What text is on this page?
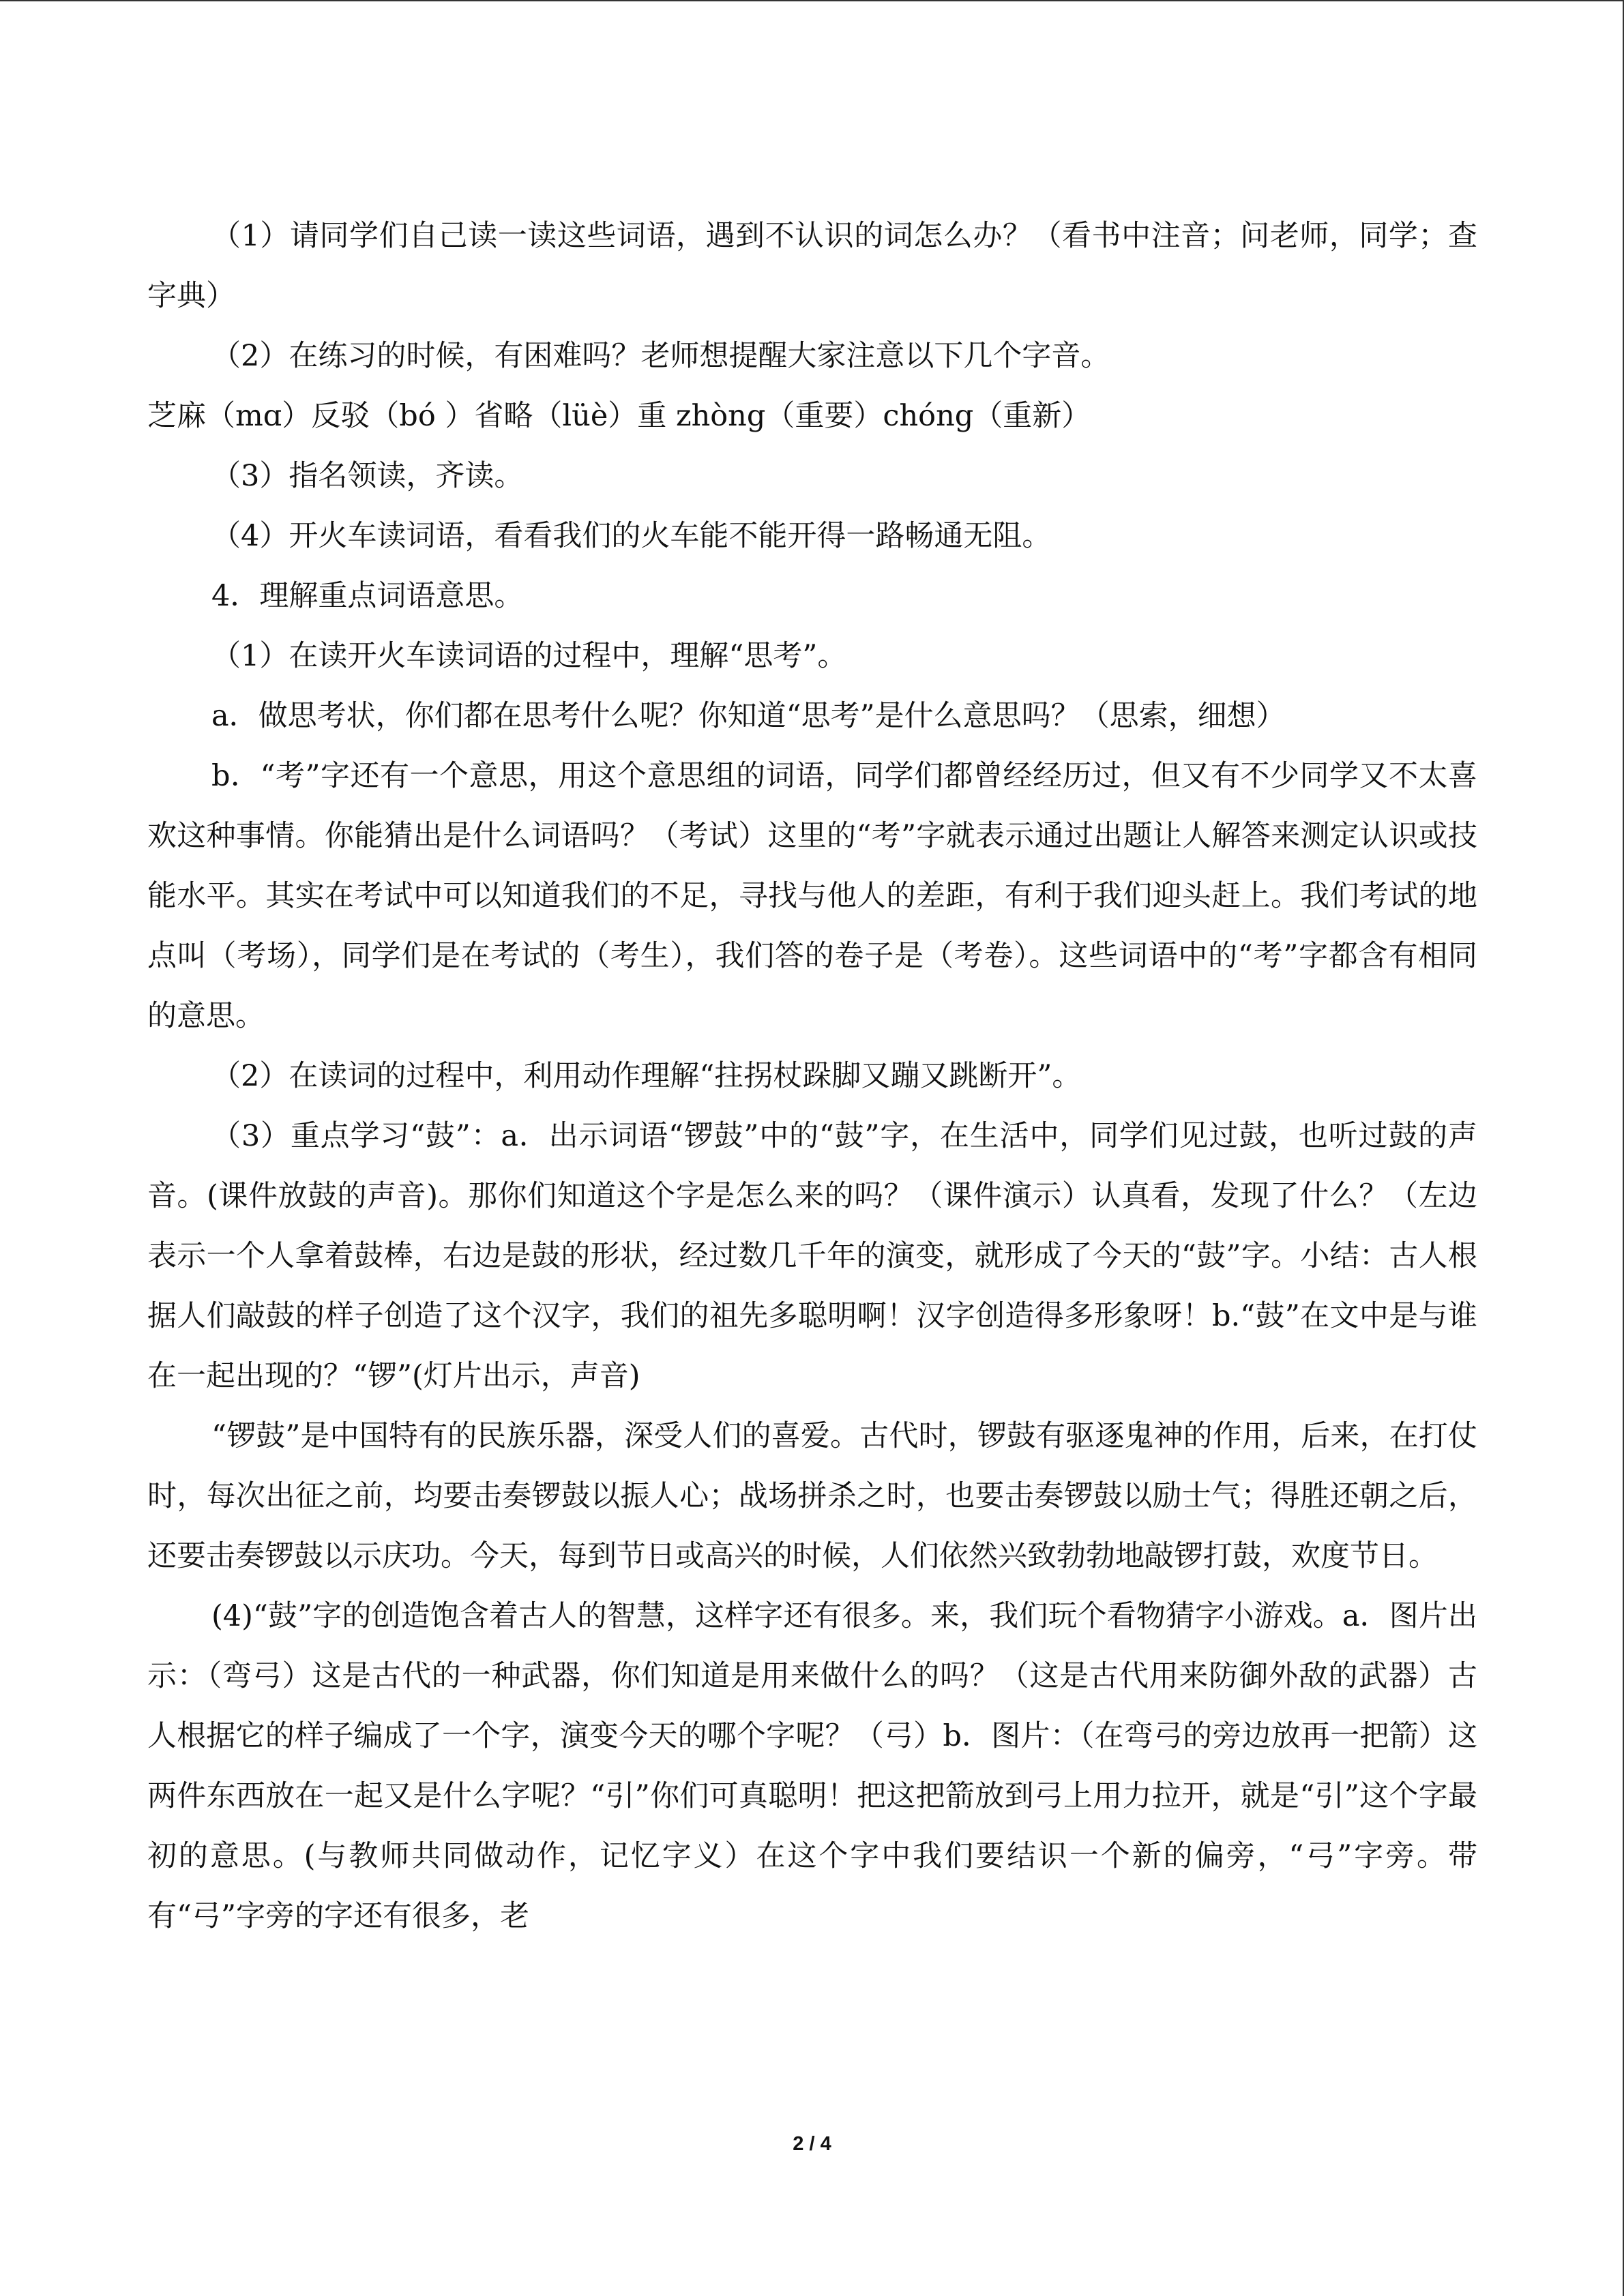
（1）请同学们自己读一读这些词语，遇到不认识的词怎么办？（看书中注音；问老师，同学；查字典）

（2）在练习的时候，有困难吗？老师想提醒大家注意以下几个字音。

芝麻（mɑ）反驳（bó ）省略（lüè）重 zhòng（重要）chóng（重新）

（3）指名领读，齐读。

（4）开火车读词语，看看我们的火车能不能开得一路畅通无阻。

4．理解重点词语意思。

（1）在读开火车读词语的过程中，理解“思考”。

a．做思考状，你们都在思考什么呢？你知道“思考”是什么意思吗？（思索，细想）

b．“考”字还有一个意思，用这个意思组的词语，同学们都曾经经历过，但又有不少同学又不太喜欢这种事情。你能猜出是什么词语吗？（考试）这里的“考”字就表示通过出题让人解答来测定认识或技能水平。其实在考试中可以知道我们的不足，寻找与他人的差距，有利于我们迎头赶上。我们考试的地点叫（考场），同学们是在考试的（考生），我们答的卷子是（考卷）。这些词语中的“考”字都含有相同的意思。

（2）在读词的过程中，利用动作理解“拄拐杖跺脚又蹦又跳断开”。

（3）重点学习“鼓”：a．出示词语“锣鼓”中的“鼓”字，在生活中，同学们见过鼓，也听过鼓的声音。(课件放鼓的声音)。那你们知道这个字是怎么来的吗？（课件演示）认真看，发现了什么？（左边表示一个人拿着鼓棒，右边是鼓的形状，经过数几千年的演变，就形成了今天的“鼓”字。小结：古人根据人们敲鼓的样子创造了这个汉字，我们的祖先多聪明啊！汉字创造得多形象呀！b.“鼓”在文中是与谁在一起出现的？“锣”(灯片出示，声音)

“锣鼓”是中国特有的民族乐器，深受人们的喜爱。古代时，锣鼓有驱逐鬼神的作用，后来，在打仗时，每次出征之前，均要击奏锣鼓以振人心；战场拼杀之时，也要击奏锣鼓以励士气；得胜还朝之后，还要击奏锣鼓以示庆功。今天，每到节日或高兴的时候，人们依然兴致勃勃地敲锣打鼓，欢度节日。

(4)“鼓”字的创造饱含着古人的智慧，这样字还有很多。来，我们玩个看物猜字小游戏。a．图片出示：（弯弓）这是古代的一种武器，你们知道是用来做什么的吗？（这是古代用来防御外敌的武器）古人根据它的样子编成了一个字，演变今天的哪个字呢？（弓）b．图片：（在弯弓的旁边放再一把箭）这两件东西放在一起又是什么字呢？“引”你们可真聪明！把这把箭放到弓上用力拉开，就是“引”这个字最初的意思。(与教师共同做动作，记忆字义）在这个字中我们要结识一个新的偏旁，“弓”字旁。带有“弓”字旁的字还有很多，老

2 / 4
